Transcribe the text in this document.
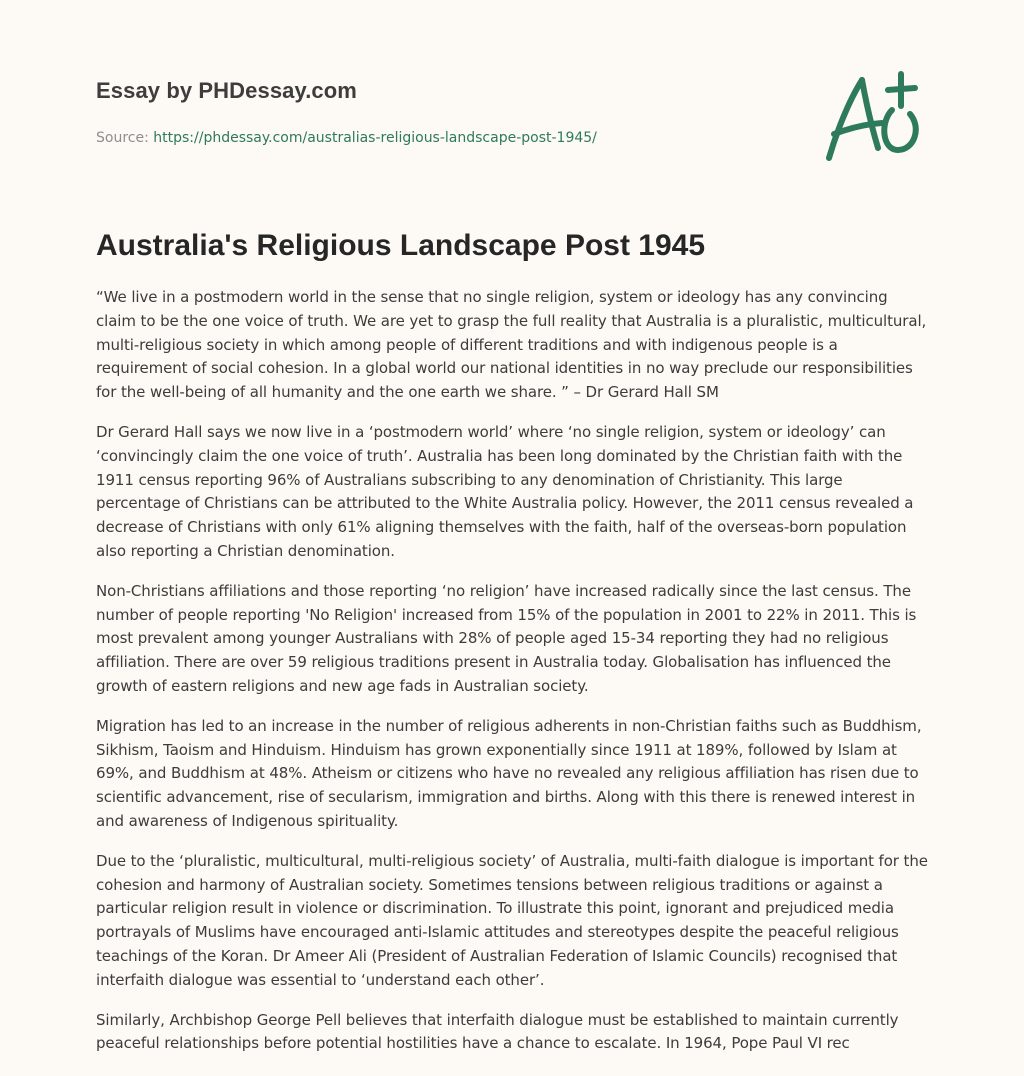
Essay by PHDessay.com
Source: https://phdessay.com/australias-religious-landscape-post-1945/
Australia's Religious Landscape Post 1945

“We live in a postmodern world in the sense that no single religion, system or ideology has any convincing claim to be the one voice of truth. We are yet to grasp the full reality that Australia is a pluralistic, multicultural, multi-religious society in which among people of different traditions and with indigenous people is a requirement of social cohesion. In a global world our national identities in no way preclude our responsibilities for the well-being of all humanity and the one earth we share. ” – Dr Gerard Hall SM

Dr Gerard Hall says we now live in a ‘postmodern world’ where ‘no single religion, system or ideology’ can ‘convincingly claim the one voice of truth’. Australia has been long dominated by the Christian faith with the 1911 census reporting 96% of Australians subscribing to any denomination of Christianity. This large percentage of Christians can be attributed to the White Australia policy. However, the 2011 census revealed a decrease of Christians with only 61% aligning themselves with the faith, half of the overseas-born population also reporting a Christian denomination.

Non-Christians affiliations and those reporting ‘no religion’ have increased radically since the last census. The number of people reporting 'No Religion' increased from 15% of the population in 2001 to 22% in 2011. This is most prevalent among younger Australians with 28% of people aged 15-34 reporting they had no religious affiliation. There are over 59 religious traditions present in Australia today. Globalisation has influenced the growth of eastern religions and new age fads in Australian society.

Migration has led to an increase in the number of religious adherents in non-Christian faiths such as Buddhism, Sikhism, Taoism and Hinduism. Hinduism has grown exponentially since 1911 at 189%, followed by Islam at 69%, and Buddhism at 48%. Atheism or citizens who have no revealed any religious affiliation has risen due to scientific advancement, rise of secularism, immigration and births. Along with this there is renewed interest in and awareness of Indigenous spirituality.

Due to the ‘pluralistic, multicultural, multi-religious society’ of Australia, multi-faith dialogue is important for the cohesion and harmony of Australian society. Sometimes tensions between religious traditions or against a particular religion result in violence or discrimination. To illustrate this point, ignorant and prejudiced media portrayals of Muslims have encouraged anti-Islamic attitudes and stereotypes despite the peaceful religious teachings of the Koran. Dr Ameer Ali (President of Australian Federation of Islamic Councils) recognised that interfaith dialogue was essential to ‘understand each other’.

Similarly, Archbishop George Pell believes that interfaith dialogue must be established to maintain currently peaceful relationships before potential hostilities have a chance to escalate. In 1964, Pope Paul VI rec
